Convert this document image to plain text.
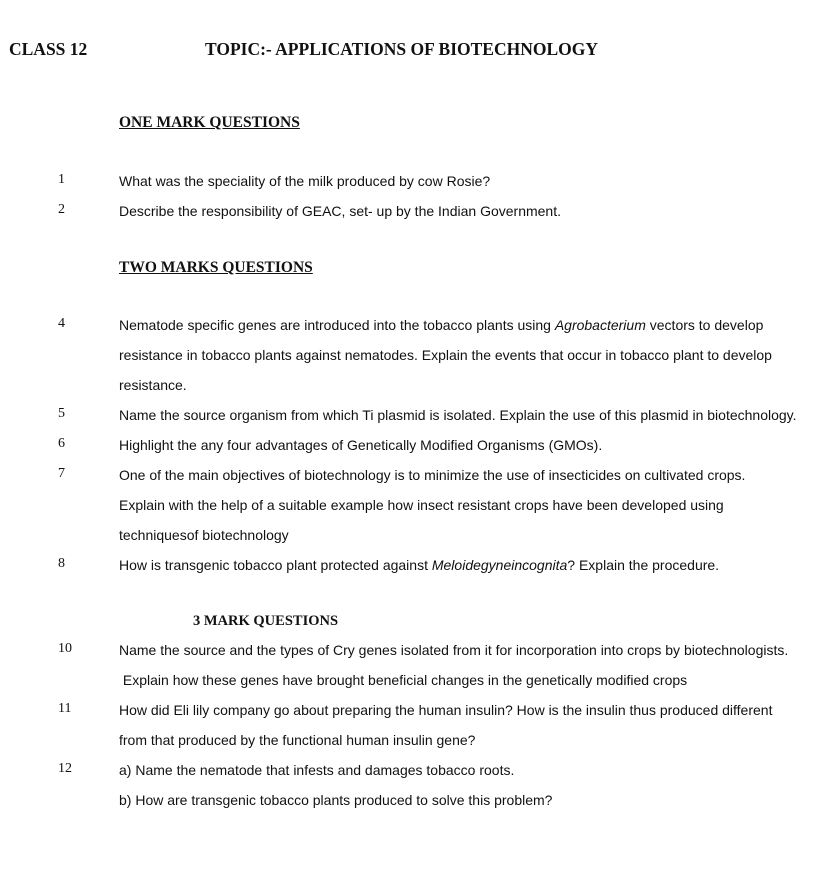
CLASS 12	TOPIC:- APPLICATIONS OF BIOTECHNOLOGY
ONE MARK QUESTIONS
1	What was the speciality of the milk produced by cow Rosie?
2	Describe the responsibility of GEAC, set- up by the Indian Government.
TWO MARKS QUESTIONS
4	Nematode specific genes are introduced into the tobacco plants using Agrobacterium vectors to develop
resistance in tobacco plants against nematodes. Explain the events that occur in tobacco plant to develop
resistance.
5	Name the source organism from which Ti plasmid is isolated. Explain the use of this plasmid in biotechnology.
6	Highlight the any four advantages of Genetically Modified Organisms (GMOs).
7	One of the main objectives of biotechnology is to minimize the use of insecticides on cultivated crops.
Explain with the help of a suitable example how insect resistant crops have been developed using
techniquesof biotechnology
8	How is transgenic tobacco plant protected against Meloidegyneincognita? Explain the procedure.
3 MARK QUESTIONS
10	Name the source and the types of Cry genes isolated from it for incorporation into crops by biotechnologists.
Explain how these genes have brought beneficial changes in the genetically modified crops
11	How did Eli lily company go about preparing the human insulin? How is the insulin thus produced different
from that produced by the functional human insulin gene?
12	a) Name the nematode that infests and damages tobacco roots.
b) How are transgenic tobacco plants produced to solve this problem?
